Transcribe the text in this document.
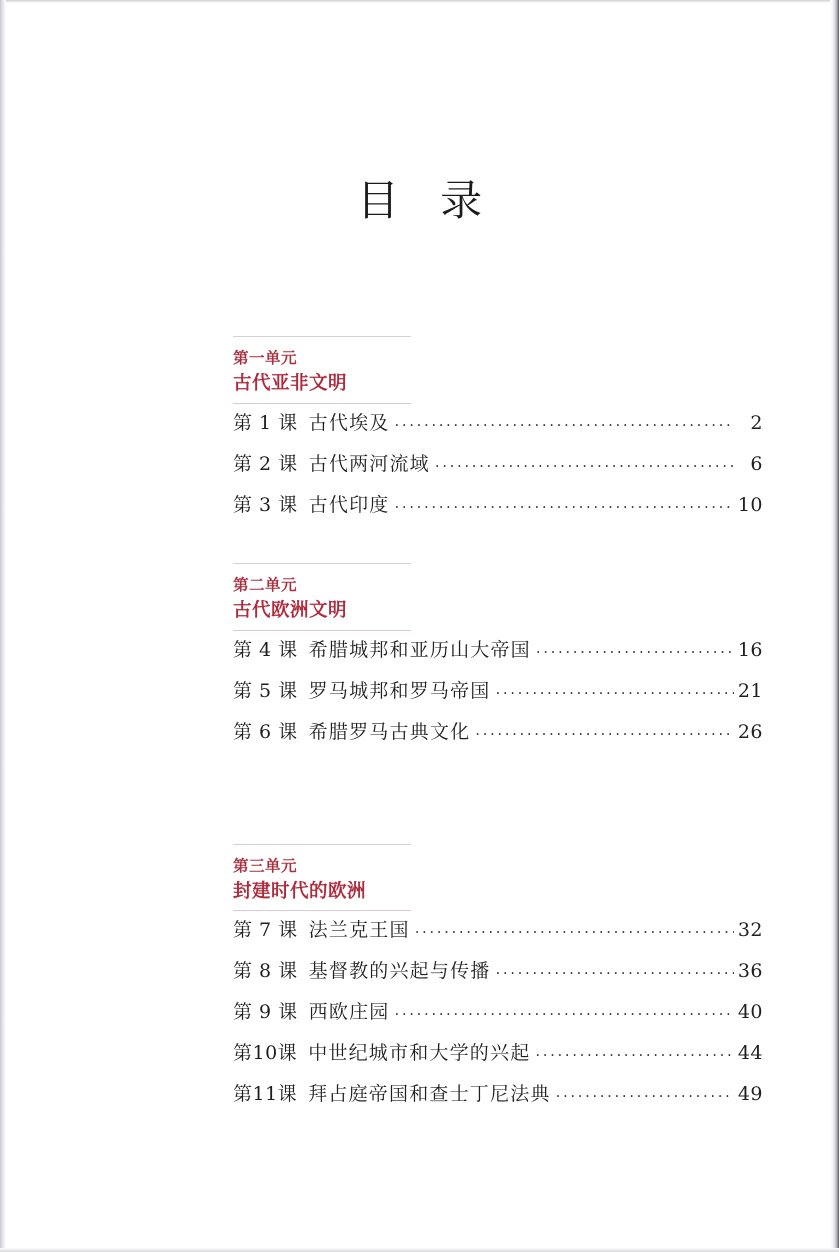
目 录
第一单元
古代亚非文明
第 1 课 古代埃及 .....	2
第 2 课 古代两河流域 .....	6
第 3 课 古代印度 .....	10
第二单元
古代欧洲文明
第 4 课 希腊城邦和亚历山大帝国 .....	16
第 5 课 罗马城邦和罗马帝国 .....	21
第 6 课 希腊罗马古典文化 .....	26
第三单元
封建时代的欧洲
第 7 课 法兰克王国 .....	32
第 8 课 基督教的兴起与传播 .....	36
第 9 课 西欧庄园 .....	40
第10课 中世纪城市和大学的兴起 .....	44
第11课 拜占庭帝国和查士丁尼法典 .....	49
